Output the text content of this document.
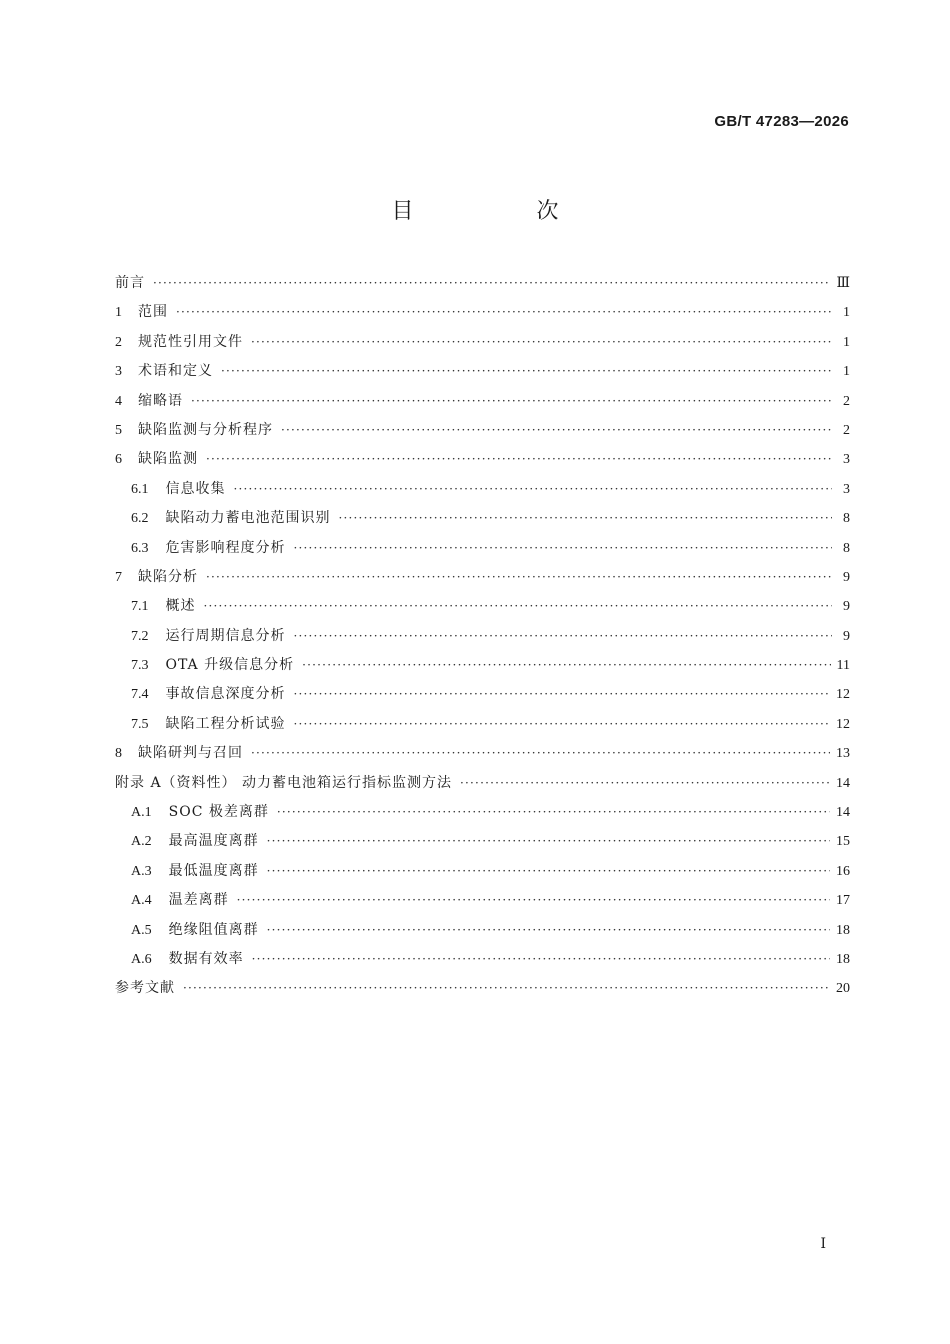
GB/T 47283—2026
目 次
前言 ·····	Ⅲ
1 范围 ·····	1
2 规范性引用文件 ·····	1
3 术语和定义 ·····	1
4 缩略语 ·····	2
5 缺陷监测与分析程序 ·····	2
6 缺陷监测 ·····	3
6.1 信息收集 ·····	3
6.2 缺陷动力蓄电池范围识别 ·····	8
6.3 危害影响程度分析 ·····	8
7 缺陷分析 ·····	9
7.1 概述 ·····	9
7.2 运行周期信息分析 ·····	9
7.3 OTA 升级信息分析 ·····	11
7.4 事故信息深度分析 ·····	12
7.5 缺陷工程分析试验 ·····	12
8 缺陷研判与召回 ·····	13
附录 A（资料性） 动力蓄电池箱运行指标监测方法 ·····	14
A.1 SOC 极差离群 ·····	14
A.2 最高温度离群 ·····	15
A.3 最低温度离群 ·····	16
A.4 温差离群 ·····	17
A.5 绝缘阻值离群 ·····	18
A.6 数据有效率 ·····	18
参考文献 ·····	20
Ⅰ
